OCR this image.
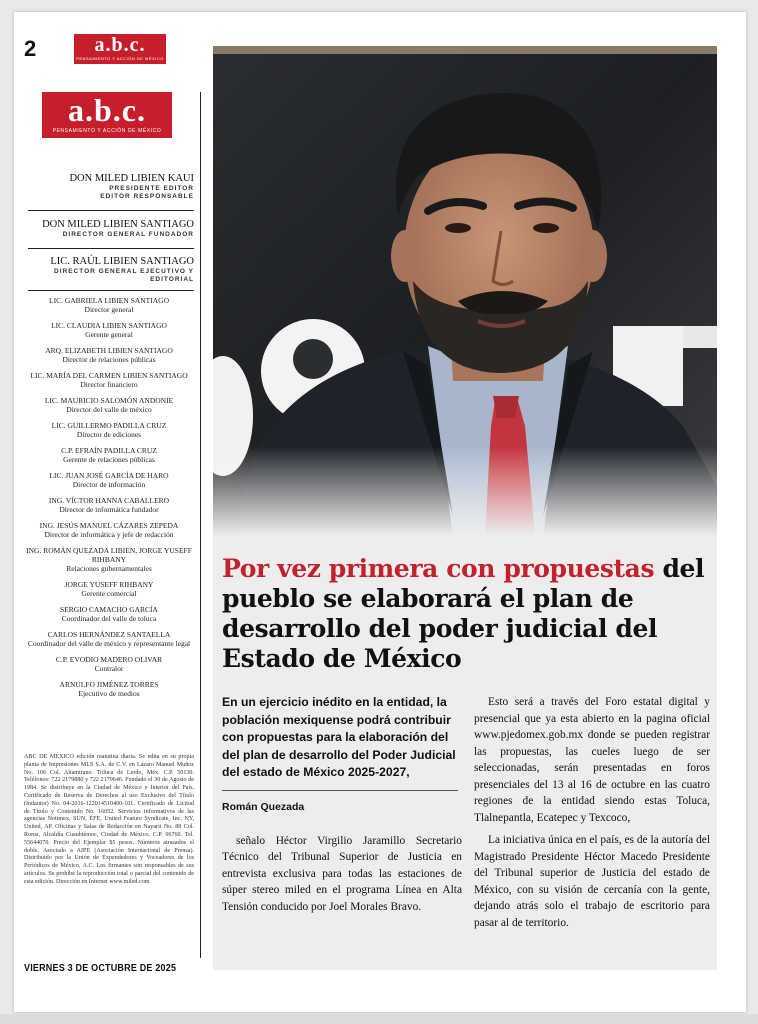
2	a.b.c.
PENSAMIENTO Y ACCIÓN DE MÉXICO
a.b.c.
PENSAMIENTO Y ACCIÓN DE MÉXICO
DON MILED LIBIEN KAUI
PRESIDENTE EDITOR
EDITOR RESPONSABLE
DON MILED LIBIEN SANTIAGO
DIRECTOR GENERAL FUNDADOR
LIC. RAÚL LIBIEN SANTIAGO
DIRECTOR GENERAL EJECUTIVO Y
EDITORIAL
LIC. GABRIELA LIBIEN SANTIAGO
Director general
LIC. CLAUDIA LIBIEN SANTIAGO
Gerente general
ARQ. ELIZABETH LIBIEN SANTIAGO
Director de relaciones públicas
LIC. MARÍA DEL CARMEN LIBIEN SANTIAGO
Director financiero
LIC. MAURICIO SALOMÓN ANDONIE
Director del valle de méxico
LIC. GUILLERMO PADILLA CRUZ
Director de ediciones
C.P. EFRAÍN PADILLA CRUZ
Gerente de relaciones públicas
LIC. JUAN JOSÉ GARCÍA DE HARO
Director de información
ING. VÍCTOR HANNA CABALLERO
Director de informática fundador
ING. JESÚS MANUEL CÁZARES ZEPEDA
Director de informática y jefe de redacción
ING. ROMÁN QUEZADA LIBIEN, JORGE YUSEFF RIHBANY
Relaciones gubernamentales
JORGE YUSEFF RIHBANY
Gerente comercial
SERGIO CAMACHO GARCÍA
Coordinador del valle de toluca
CARLOS HERNÁNDEZ SANTAELLA
Coordinador del valle de méxico y representante legal
C.P. EVODIO MADERO OLIVAR
Contralor
ARNULFO JIMÉNEZ TORRES
Ejecutivo de medios
ABC DE MÉXICO edición matutina diaria. Se edita en su propia planta de Impresiones MLS S.A. de C.V. en Lázaro Manuel Muñoz No. 106 Col. Altamirano. Toluca de Lerdo, Méx. C.P. 50130. Teléfonos: 722 2179880 y 722 2179646. Fundado el 30 de Agosto de 1984. Se distribuye en la Ciudad de México e Interior del País. Certificado de Reserva de Derechos al uso Exclusivo del Título (Indautor) No. 04-2016-122014510400-101. Certificado de Licitud de Título y Contenido No. 16052. Servicios informativos de las agencias Notimex, SUN, EFE, United Feature Syndicate, Inc. NY, United, AP. Oficinas y Salas de Redacción en Nayarit No. 88 Col. Roma, Alcaldía Cuauhtémoc, Ciudad de México. C.P. 06760. Tel. 55644070. Precio del Ejemplar $5 pesos. Números atrasados el doble. Asociado a AIPE (Asociación Internacional de Prensa). Distribuido por la Unión de Expendedores y Voceadores de los Periódicos de México, A.C. Los firmantes son responsables de sus artículos. Se prohíbe la reproducción total o parcial del contenido de esta edición. Dirección en Internet www.miled.com
VIERNES 3 DE OCTUBRE DE 2025
Por vez primera con propuestas del pueblo se elaborará el plan de desarrollo del poder judicial del Estado de México

En un ejercicio inédito en la entidad, la población mexiquense podrá contribuir con propuestas para la elaboración del del plan de desarrollo del Poder Judicial del estado de México 2025-2027,

Román Quezada

señalo Héctor Virgilio Jaramillo Secretario Técnico del Tribunal Superior de Justicia en entrevista exclusiva para todas las estaciones de súper stereo miled en el programa Línea en Alta Tensión conducido por Joel Morales Bravo.

Esto será a través del Foro estatal digital y presencial que ya esta abierto en la pagina oficial www.pjedomex.gob.mx donde se pueden registrar las propuestas, las cueles luego de ser seleccionadas, serán presentadas en foros presenciales del 13 al 16 de octubre en las cuatro regiones de la entidad siendo estas Toluca, Tlalnepantla, Ecatepec y Texcoco,

La iniciativa única en el país, es de la autoría del Magistrado Presidente Héctor Macedo Presidente del Tribunal superior de Justicia del estado de México, con su visión de cercanía con la gente, dejando atrás solo el trabajo de escritorio para pasar al de territorio.
